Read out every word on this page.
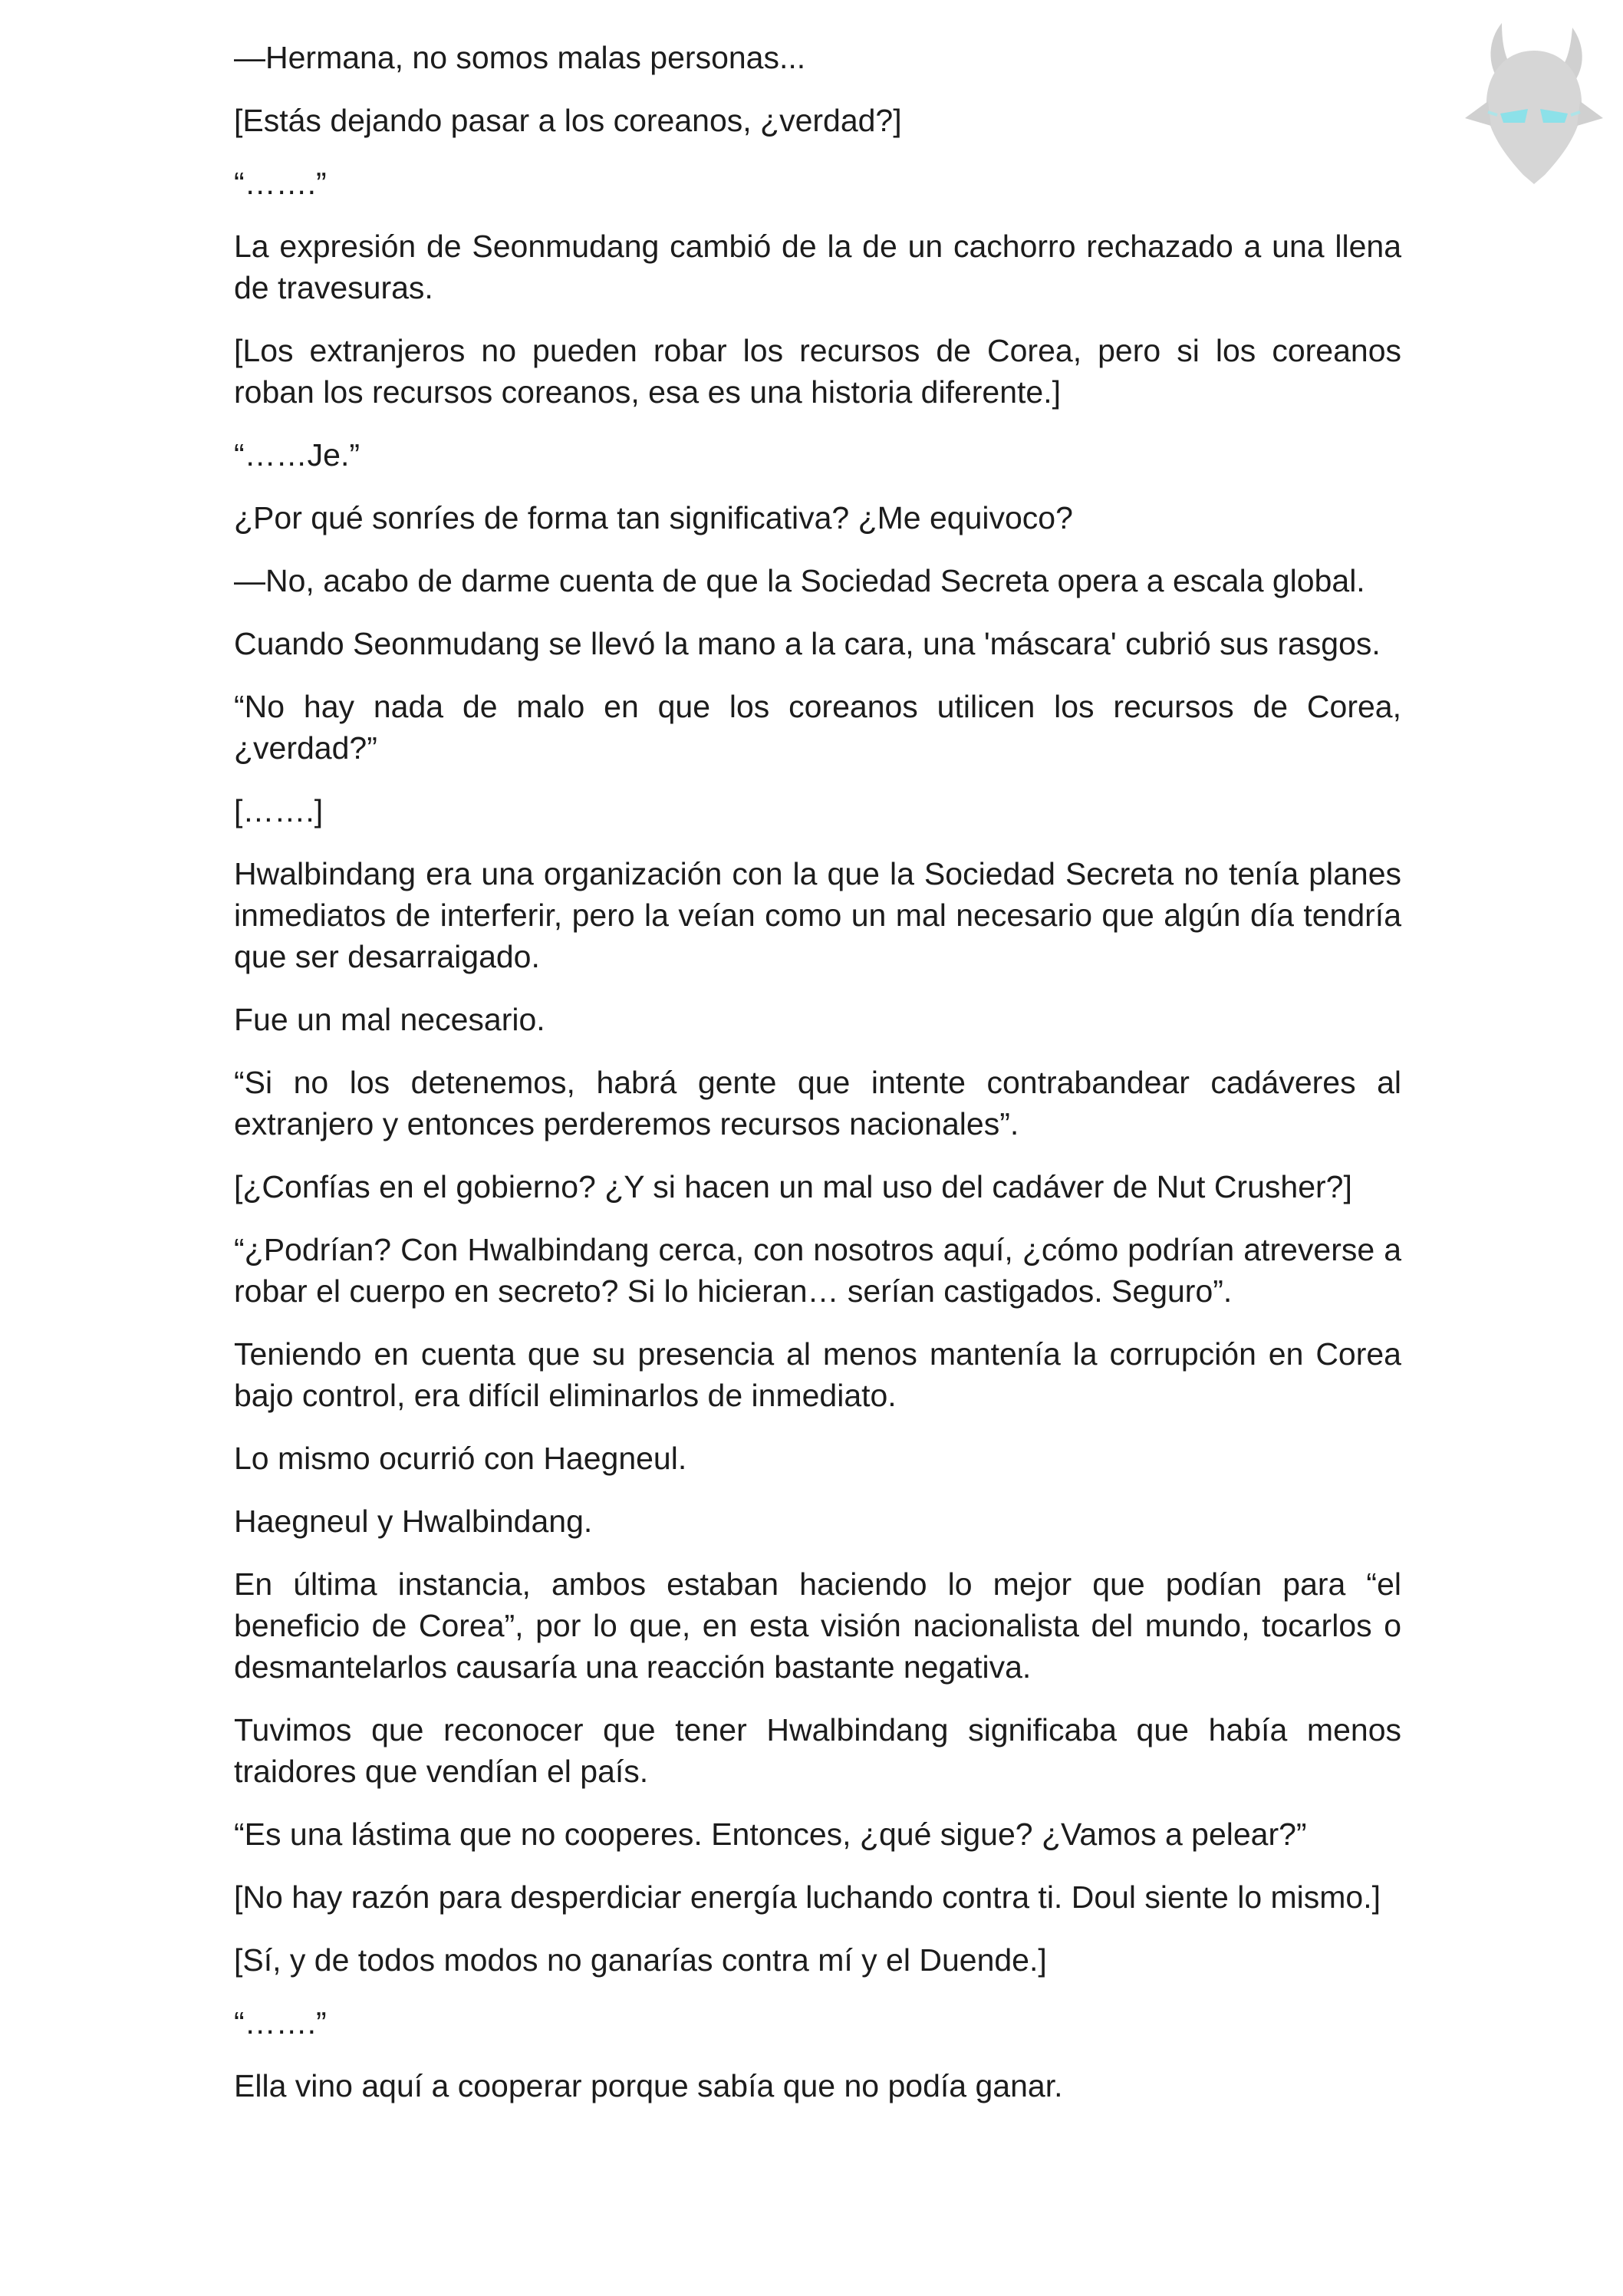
—Hermana, no somos malas personas...

[Estás dejando pasar a los coreanos, ¿verdad?]

“…….”

La expresión de Seonmudang cambió de la de un cachorro rechazado a una llena de travesuras.

[Los extranjeros no pueden robar los recursos de Corea, pero si los coreanos roban los recursos coreanos, esa es una historia diferente.]

“……Je.”

¿Por qué sonríes de forma tan significativa? ¿Me equivoco?

—No, acabo de darme cuenta de que la Sociedad Secreta opera a escala global.

Cuando Seonmudang se llevó la mano a la cara, una 'máscara' cubrió sus rasgos.

“No hay nada de malo en que los coreanos utilicen los recursos de Corea, ¿verdad?”

[…….]

Hwalbindang era una organización con la que la Sociedad Secreta no tenía planes inmediatos de interferir, pero la veían como un mal necesario que algún día tendría que ser desarraigado.

Fue un mal necesario.

“Si no los detenemos, habrá gente que intente contrabandear cadáveres al extranjero y entonces perderemos recursos nacionales”.

[¿Confías en el gobierno? ¿Y si hacen un mal uso del cadáver de Nut Crusher?]

“¿Podrían? Con Hwalbindang cerca, con nosotros aquí, ¿cómo podrían atreverse a robar el cuerpo en secreto? Si lo hicieran… serían castigados. Seguro”.

Teniendo en cuenta que su presencia al menos mantenía la corrupción en Corea bajo control, era difícil eliminarlos de inmediato.

Lo mismo ocurrió con Haegneul.

Haegneul y Hwalbindang.

En última instancia, ambos estaban haciendo lo mejor que podían para “el beneficio de Corea”, por lo que, en esta visión nacionalista del mundo, tocarlos o desmantelarlos causaría una reacción bastante negativa.

Tuvimos que reconocer que tener Hwalbindang significaba que había menos traidores que vendían el país.

“Es una lástima que no cooperes. Entonces, ¿qué sigue? ¿Vamos a pelear?”

[No hay razón para desperdiciar energía luchando contra ti. Doul siente lo mismo.]

[Sí, y de todos modos no ganarías contra mí y el Duende.]

“…….”

Ella vino aquí a cooperar porque sabía que no podía ganar.
